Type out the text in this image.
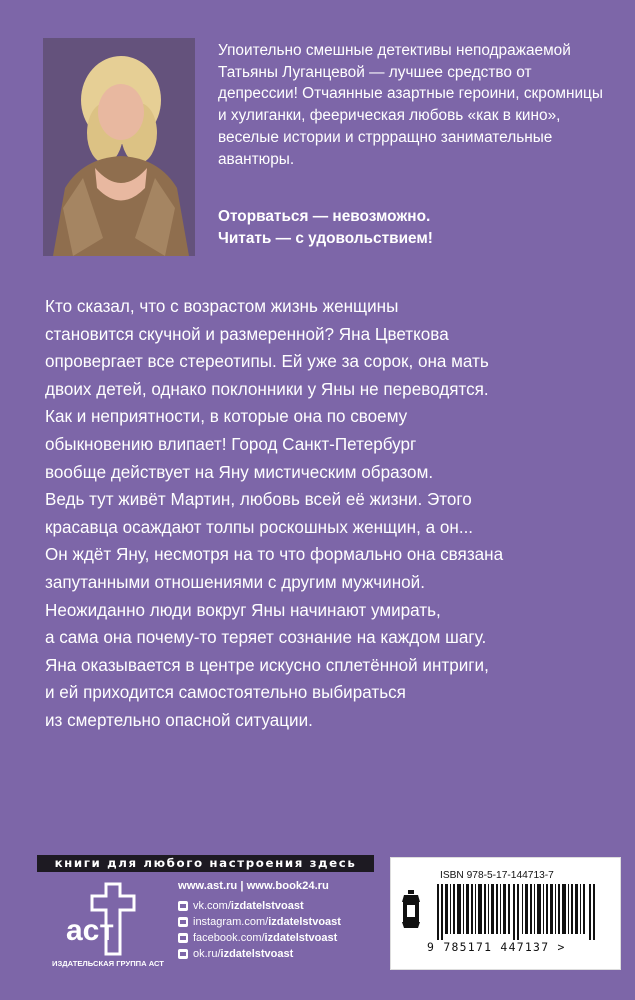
Упоительно смешные детективы неподражаемой Татьяны Луганцевой — лучшее средство от депрессии! Отчаянные азартные героини, скромницы и хулиганки, феерическая любовь «как в кино», веселые истории и стррращно занимательные авантюры.

Оторваться — невозможно.
Читать — с удовольствием!

Кто сказал, что с возрастом жизнь женщины
становится скучной и размеренной? Яна Цветкова
опровергает все стереотипы. Ей уже за сорок, она мать
двоих детей, однако поклонники у Яны не переводятся.
Как и неприятности, в которые она по своему
обыкновению влипает! Город Санкт-Петербург
вообще действует на Яну мистическим образом.
Ведь тут живёт Мартин, любовь всей её жизни. Этого
красавца осаждают толпы роскошных женщин, а он...
Он ждёт Яну, несмотря на то что формально она связана
запутанными отношениями с другим мужчиной.
Неожиданно люди вокруг Яны начинают умирать,
а сама она почему-то теряет сознание на каждом шагу.
Яна оказывается в центре искусно сплетённой интриги,
и ей приходится самостоятельно выбираться
из смертельно опасной ситуации.

книги для любого настроения здесь
аст
ИЗДАТЕЛЬСКАЯ ГРУППА АСТ
www.ast.ru | www.book24.ru
vk.com/ izdatelstvoast
instagram.com/ izdatelstvoast
facebook.com/ izdatelstvoast
ok.ru/ izdatelstvoast
ISBN 978-5-17-144713-7
9 785171 447137 >
